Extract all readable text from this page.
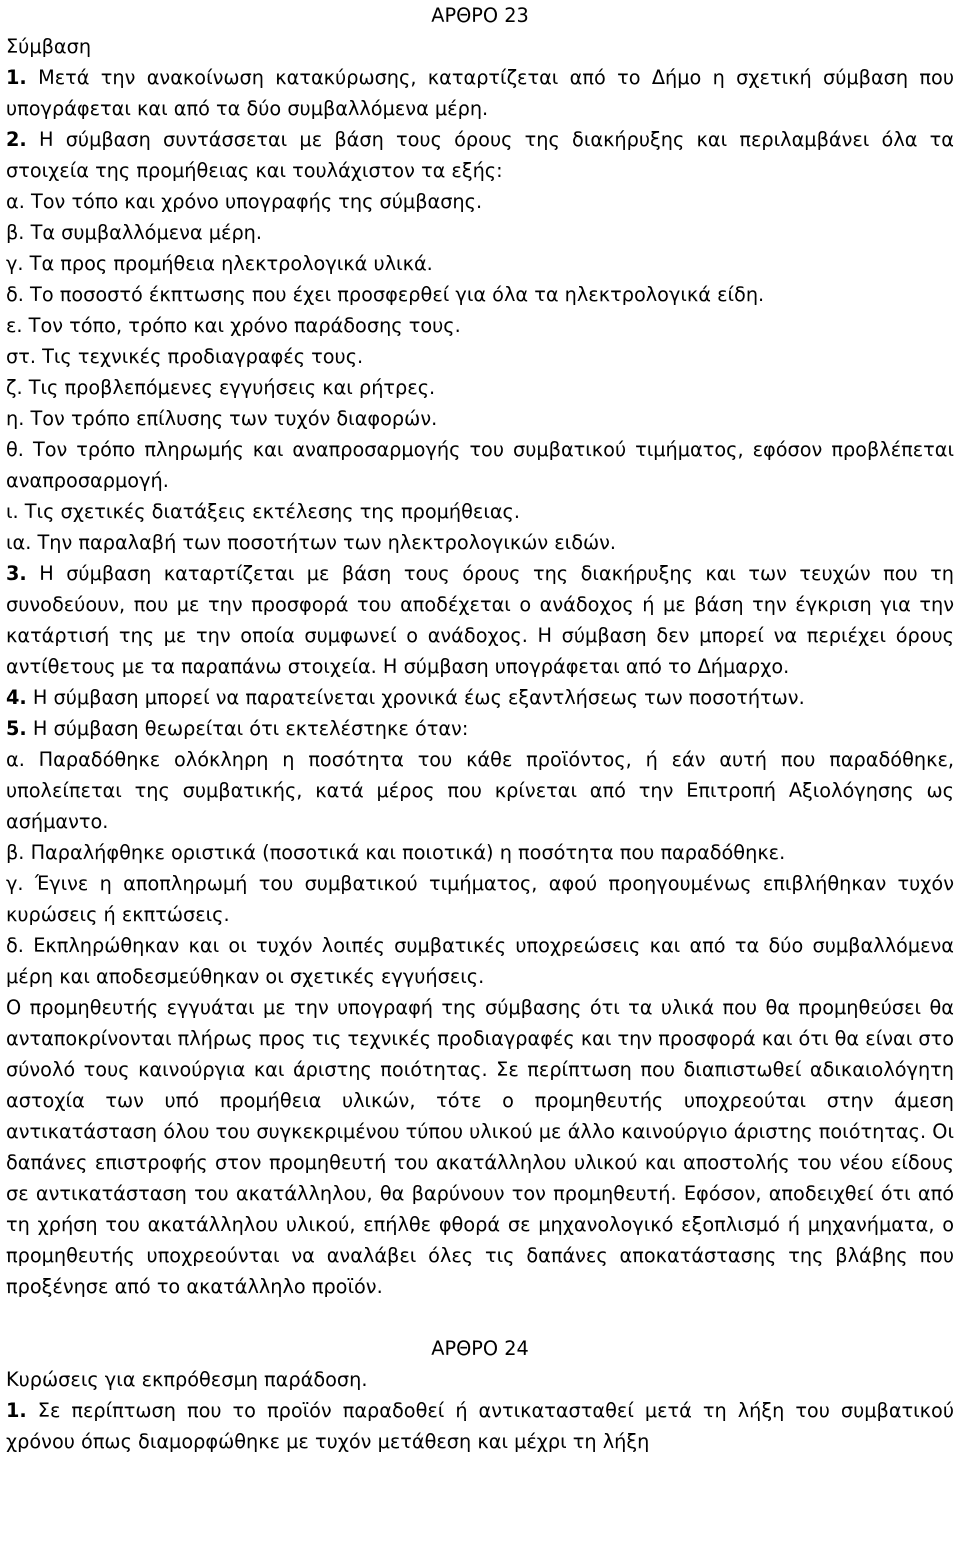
ΑΡΘΡΟ 23

Σύμβαση

1. Μετά την ανακοίνωση κατακύρωσης, καταρτίζεται από το Δήμο η σχετική σύμβαση που υπογράφεται και από τα δύο συμβαλλόμενα μέρη.

2. Η σύμβαση συντάσσεται με βάση τους όρους της διακήρυξης και περιλαμβάνει όλα τα στοιχεία της προμήθειας και τουλάχιστον τα εξής:

α. Τον τόπο και χρόνο υπογραφής της σύμβασης.

β. Τα συμβαλλόμενα μέρη.

γ. Τα προς προμήθεια ηλεκτρολογικά υλικά.

δ. Το ποσοστό έκπτωσης που έχει προσφερθεί για όλα τα ηλεκτρολογικά είδη.

ε. Τον τόπο, τρόπο και χρόνο παράδοσης τους.

στ. Τις τεχνικές προδιαγραφές τους.

ζ. Τις προβλεπόμενες εγγυήσεις και ρήτρες.

η. Τον τρόπο επίλυσης των τυχόν διαφορών.

θ. Τον τρόπο πληρωμής και αναπροσαρμογής του συμβατικού τιμήματος, εφόσον προβλέπεται αναπροσαρμογή.

ι. Τις σχετικές διατάξεις εκτέλεσης της προμήθειας.

ια. Την παραλαβή των ποσοτήτων των ηλεκτρολογικών ειδών.

3. Η σύμβαση καταρτίζεται με βάση τους όρους της διακήρυξης και των τευχών που τη συνοδεύουν, που με την προσφορά του αποδέχεται ο ανάδοχος ή με βάση την έγκριση για την κατάρτισή της με την οποία συμφωνεί ο ανάδοχος. Η σύμβαση δεν μπορεί να περιέχει όρους αντίθετους με τα παραπάνω στοιχεία. Η σύμβαση υπογράφεται από το Δήμαρχο.

4. Η σύμβαση μπορεί να παρατείνεται χρονικά έως εξαντλήσεως των ποσοτήτων.

5. Η σύμβαση θεωρείται ότι εκτελέστηκε όταν:

α. Παραδόθηκε ολόκληρη η ποσότητα του κάθε προϊόντος, ή εάν αυτή που παραδόθηκε, υπολείπεται της συμβατικής, κατά μέρος που κρίνεται από την Επιτροπή Αξιολόγησης ως ασήμαντο.

β. Παραλήφθηκε οριστικά (ποσοτικά και ποιοτικά) η ποσότητα που παραδόθηκε.

γ. Έγινε η αποπληρωμή του συμβατικού τιμήματος, αφού προηγουμένως επιβλήθηκαν τυχόν κυρώσεις ή εκπτώσεις.

δ. Εκπληρώθηκαν και οι τυχόν λοιπές συμβατικές υποχρεώσεις και από τα δύο συμβαλλόμενα μέρη και αποδεσμεύθηκαν οι σχετικές εγγυήσεις.

Ο προμηθευτής εγγυάται με την υπογραφή της σύμβασης ότι τα υλικά που θα προμηθεύσει θα ανταποκρίνονται πλήρως προς τις τεχνικές προδιαγραφές και την προσφορά και ότι θα είναι στο σύνολό τους καινούργια και άριστης ποιότητας. Σε περίπτωση που διαπιστωθεί αδικαιολόγητη αστοχία των υπό προμήθεια υλικών, τότε ο προμηθευτής υποχρεούται στην άμεση αντικατάσταση όλου του συγκεκριμένου τύπου υλικού με άλλο καινούργιο άριστης ποιότητας. Οι δαπάνες επιστροφής στον προμηθευτή του ακατάλληλου υλικού και αποστολής του νέου είδους σε αντικατάσταση του ακατάλληλου, θα βαρύνουν τον προμηθευτή. Εφόσον, αποδειχθεί ότι από τη χρήση του ακατάλληλου υλικού, επήλθε φθορά σε μηχανολογικό εξοπλισμό ή μηχανήματα, ο προμηθευτής υποχρεούνται να αναλάβει όλες τις δαπάνες αποκατάστασης της βλάβης που προξένησε από το ακατάλληλο προϊόν.

ΑΡΘΡΟ 24

Κυρώσεις για εκπρόθεσμη παράδοση.

1. Σε περίπτωση που το προϊόν παραδοθεί ή αντικατασταθεί μετά τη λήξη του συμβατικού χρόνου όπως διαμορφώθηκε με τυχόν μετάθεση και μέχρι τη λήξη
